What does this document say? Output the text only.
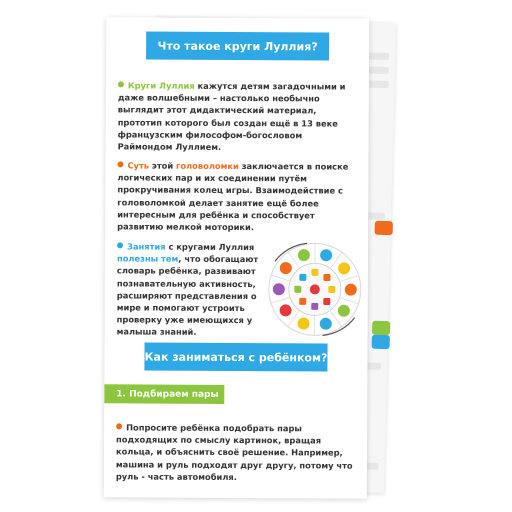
Что такое круги Луллия?
Круги Луллия кажутся детям загадочными и даже волшебными – настолько необычно выглядит этот дидактический материал, прототип которого был создан ещё в 13 веке французским философом-богословом Раймондом Луллием.
Суть этой головоломки заключается в поиске логических пар и их соединении путём прокручивания колец игры. Взаимодействие с головоломкой делает занятие ещё более интересным для ребёнка и способствует развитию мелкой моторики.
Занятия с кругами Луллия полезны тем, что обогащают словарь ребёнка, развивают познавательную активность, расширяют представления о мире и помогают устроить проверку уже имеющихся у малыша знаний.
Как заниматься с ребёнком?
1. Подбираем пары
Попросите ребёнка подобрать пары подходящих по смыслу картинок, вращая кольца, и объяснить своё решение. Например, машина и руль подходят друг другу, потому что руль - часть автомобиля.
